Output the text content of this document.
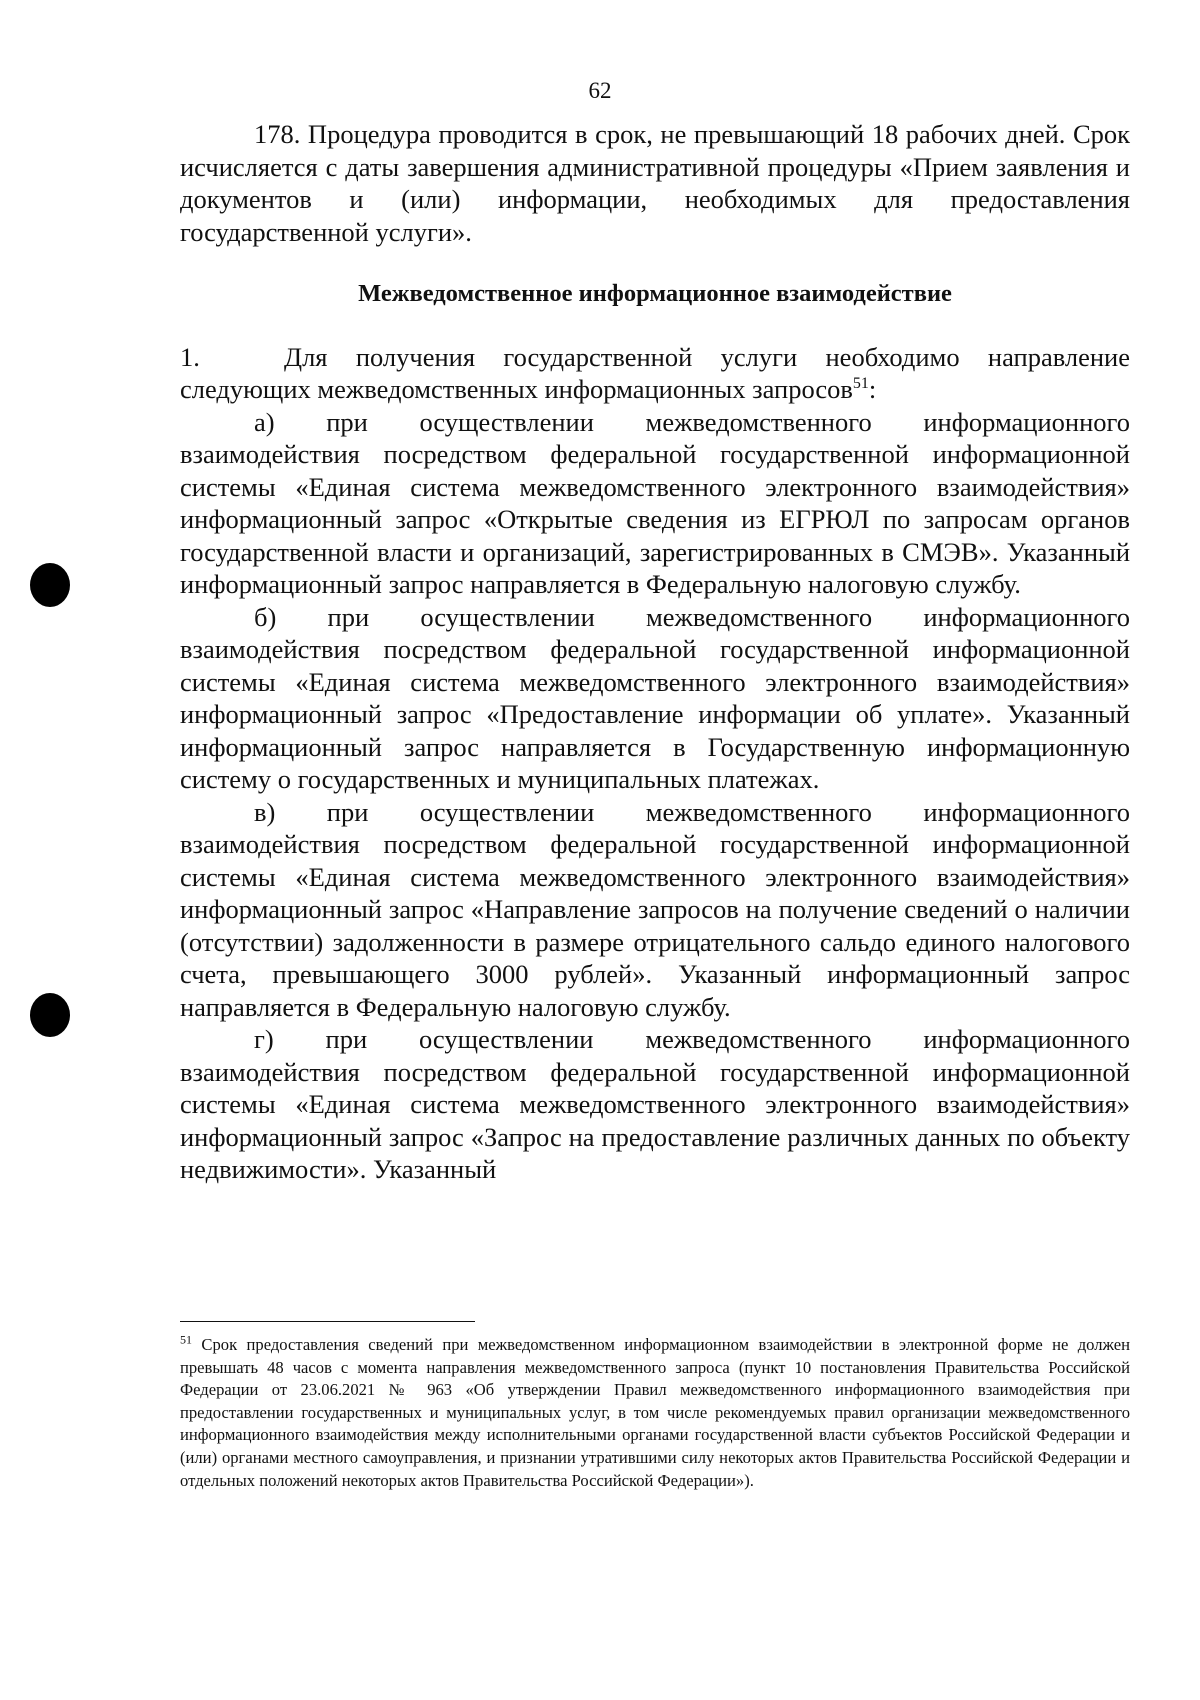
62

178. Процедура проводится в срок, не превышающий 18 рабочих дней. Срок исчисляется с даты завершения административной процедуры «Прием заявления и документов и (или) информации, необходимых для предоставления государственной услуги».

Межведомственное информационное взаимодействие

1.	Для получения государственной услуги необходимо направление следующих межведомственных информационных запросов$^{51}$:

а) при осуществлении межведомственного информационного взаимодействия посредством федеральной государственной информационной системы «Единая система межведомственного электронного взаимодействия» информационный запрос «Открытые сведения из ЕГРЮЛ по запросам органов государственной власти и организаций, зарегистрированных в СМЭВ». Указанный информационный запрос направляется в Федеральную налоговую службу.

б) при осуществлении межведомственного информационного взаимодействия посредством федеральной государственной информационной системы «Единая система межведомственного электронного взаимодействия» информационный запрос «Предоставление информации об уплате». Указанный информационный запрос направляется в Государственную информационную систему о государственных и муниципальных платежах.

в) при осуществлении межведомственного информационного взаимодействия посредством федеральной государственной информационной системы «Единая система межведомственного электронного взаимодействия» информационный запрос «Направление запросов на получение сведений о наличии (отсутствии) задолженности в размере отрицательного сальдо единого налогового счета, превышающего 3000 рублей». Указанный информационный запрос направляется в Федеральную налоговую службу.

г) при осуществлении межведомственного информационного взаимодействия посредством федеральной государственной информационной системы «Единая система межведомственного электронного взаимодействия» информационный запрос «Запрос на предоставление различных данных по объекту недвижимости». Указанный

$^{51}$ Срок предоставления сведений при межведомственном информационном взаимодействии в электронной форме не должен превышать 48 часов с момента направления межведомственного запроса (пункт 10 постановления Правительства Российской Федерации от 23.06.2021 № 963 «Об утверждении Правил межведомственного информационного взаимодействия при предоставлении государственных и муниципальных услуг, в том числе рекомендуемых правил организации межведомственного информационного взаимодействия между исполнительными органами государственной власти субъектов Российской Федерации и (или) органами местного самоуправления, и признании утратившими силу некоторых актов Правительства Российской Федерации и отдельных положений некоторых актов Правительства Российской Федерации»).
